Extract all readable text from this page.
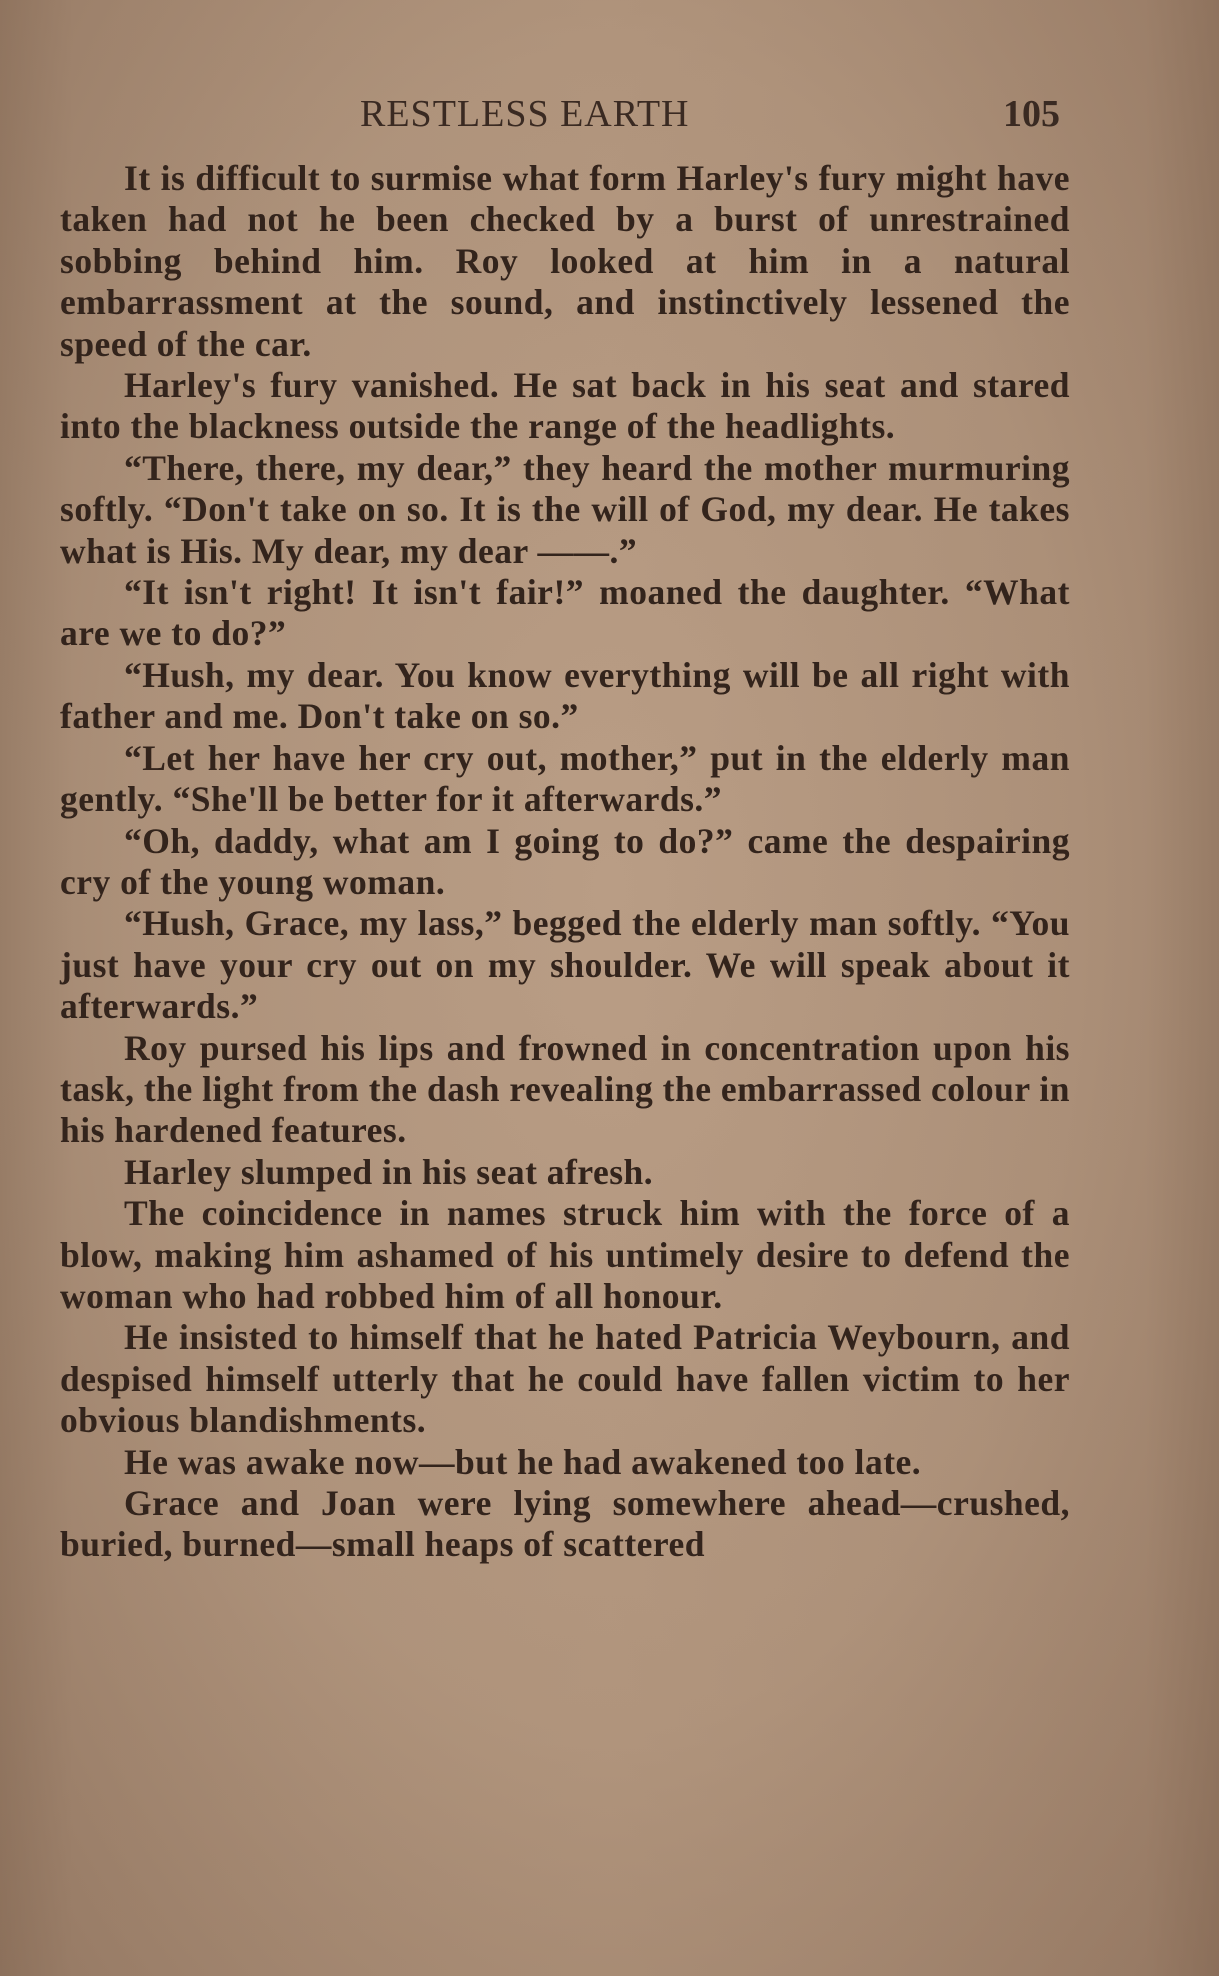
RESTLESS EARTH	105

It is difficult to surmise what form Harley's fury might have taken had not he been checked by a burst of unrestrained sobbing behind him. Roy looked at him in a natural embarrassment at the sound, and instinctively lessened the speed of the car.

Harley's fury vanished. He sat back in his seat and stared into the blackness outside the range of the headlights.

“There, there, my dear,” they heard the mother murmuring softly. “Don't take on so. It is the will of God, my dear. He takes what is His. My dear, my dear ——.”

“It isn't right! It isn't fair!” moaned the daughter. “What are we to do?”

“Hush, my dear. You know everything will be all right with father and me. Don't take on so.”

“Let her have her cry out, mother,” put in the elderly man gently. “She'll be better for it afterwards.”

“Oh, daddy, what am I going to do?” came the despairing cry of the young woman.

“Hush, Grace, my lass,” begged the elderly man softly. “You just have your cry out on my shoulder. We will speak about it afterwards.”

Roy pursed his lips and frowned in concentration upon his task, the light from the dash revealing the embarrassed colour in his hardened features.

Harley slumped in his seat afresh.

The coincidence in names struck him with the force of a blow, making him ashamed of his untimely desire to defend the woman who had robbed him of all honour.

He insisted to himself that he hated Patricia Weybourn, and despised himself utterly that he could have fallen victim to her obvious blandishments.

He was awake now—but he had awakened too late.

Grace and Joan were lying somewhere ahead—crushed, buried, burned—small heaps of scattered
